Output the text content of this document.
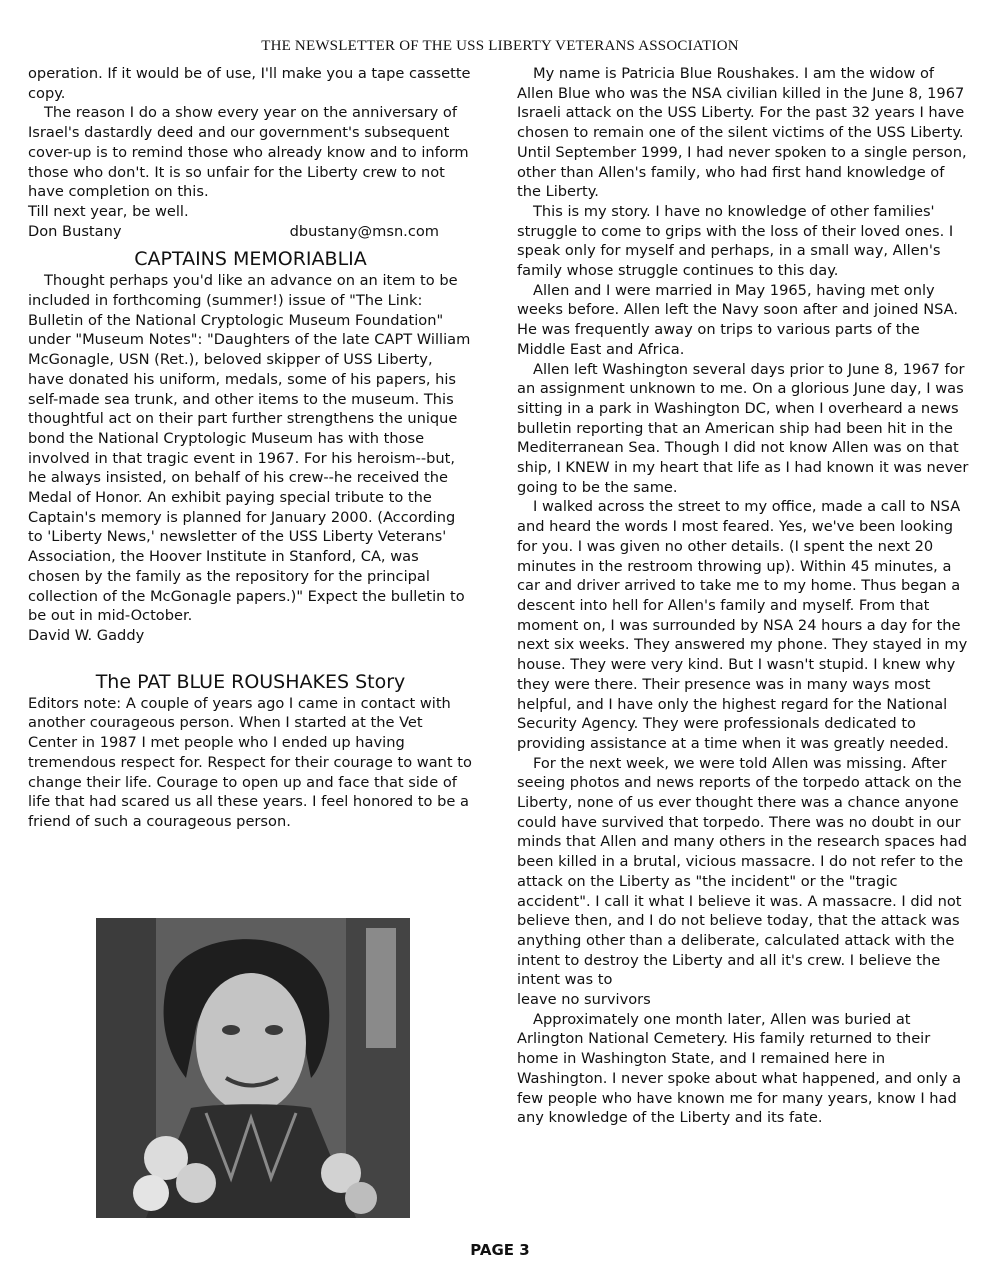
THE NEWSLETTER OF THE USS LIBERTY VETERANS ASSOCIATION

operation. If it would be of use, I'll make you a tape cassette copy.

The reason I do a show every year on the anniversary of Israel's dastardly deed and our government's subsequent cover-up is to remind those who already know and to inform those who don't. It is so unfair for the Liberty crew to not have completion on this.

Till next year, be well.

Don Bustany	dbustany@msn.com
CAPTAINS MEMORIABLIA

Thought perhaps you'd like an advance on an item to be included in forthcoming (summer!) issue of "The Link: Bulletin of the National Cryptologic Museum Foundation" under "Museum Notes": "Daughters of the late CAPT William McGonagle, USN (Ret.), beloved skipper of USS Liberty, have donated his uniform, medals, some of his papers, his self-made sea trunk, and other items to the museum. This thoughtful act on their part further strengthens the unique bond the National Cryptologic Museum has with those involved in that tragic event in 1967. For his heroism--but, he always insisted, on behalf of his crew--he received the Medal of Honor. An exhibit paying special tribute to the Captain's memory is planned for January 2000. (According to 'Liberty News,' newsletter of the USS Liberty Veterans' Association, the Hoover Institute in Stanford, CA, was chosen by the family as the repository for the principal collection of the McGonagle papers.)" Expect the bulletin to be out in mid-October.

David W. Gaddy

The PAT BLUE ROUSHAKES Story

Editors note: A couple of years ago I came in contact with another courageous person. When I started at the Vet Center in 1987 I met people who I ended up having tremendous respect for. Respect for their courage to want to change their life. Courage to open up and face that side of life that had scared us all these years. I feel honored to be a friend of such a courageous person.

My name is Patricia Blue Roushakes. I am the widow of Allen Blue who was the NSA civilian killed in the June 8, 1967 Israeli attack on the USS Liberty. For the past 32 years I have chosen to remain one of the silent victims of the USS Liberty. Until September 1999, I had never spoken to a single person, other than Allen's family, who had first hand knowledge of the Liberty.

This is my story. I have no knowledge of other families' struggle to come to grips with the loss of their loved ones. I speak only for myself and perhaps, in a small way, Allen's family whose struggle continues to this day.

Allen and I were married in May 1965, having met only weeks before. Allen left the Navy soon after and joined NSA. He was frequently away on trips to various parts of the Middle East and Africa.

Allen left Washington several days prior to June 8, 1967 for an assignment unknown to me. On a glorious June day, I was sitting in a park in Washington DC, when I overheard a news bulletin reporting that an American ship had been hit in the Mediterranean Sea. Though I did not know Allen was on that ship, I KNEW in my heart that life as I had known it was never going to be the same.

I walked across the street to my office, made a call to NSA and heard the words I most feared. Yes, we've been looking for you. I was given no other details. (I spent the next 20 minutes in the restroom throwing up). Within 45 minutes, a car and driver arrived to take me to my home. Thus began a descent into hell for Allen's family and myself. From that moment on, I was surrounded by NSA 24 hours a day for the next six weeks. They answered my phone. They stayed in my house. They were very kind. But I wasn't stupid. I knew why they were there. Their presence was in many ways most helpful, and I have only the highest regard for the National Security Agency. They were professionals dedicated to providing assistance at a time when it was greatly needed.

For the next week, we were told Allen was missing. After seeing photos and news reports of the torpedo attack on the Liberty, none of us ever thought there was a chance anyone could have survived that torpedo. There was no doubt in our minds that Allen and many others in the research spaces had been killed in a brutal, vicious massacre. I do not refer to the attack on the Liberty as "the incident" or the "tragic accident". I call it what I believe it was. A massacre. I did not believe then, and I do not believe today, that the attack was anything other than a deliberate, calculated attack with the intent to destroy the Liberty and all it's crew. I believe the intent was to

leave no survivors

Approximately one month later, Allen was buried at Arlington National Cemetery. His family returned to their home in Washington State, and I remained here in Washington. I never spoke about what happened, and only a few people who have known me for many years, know I had any knowledge of the Liberty and its fate.

PAGE 3
